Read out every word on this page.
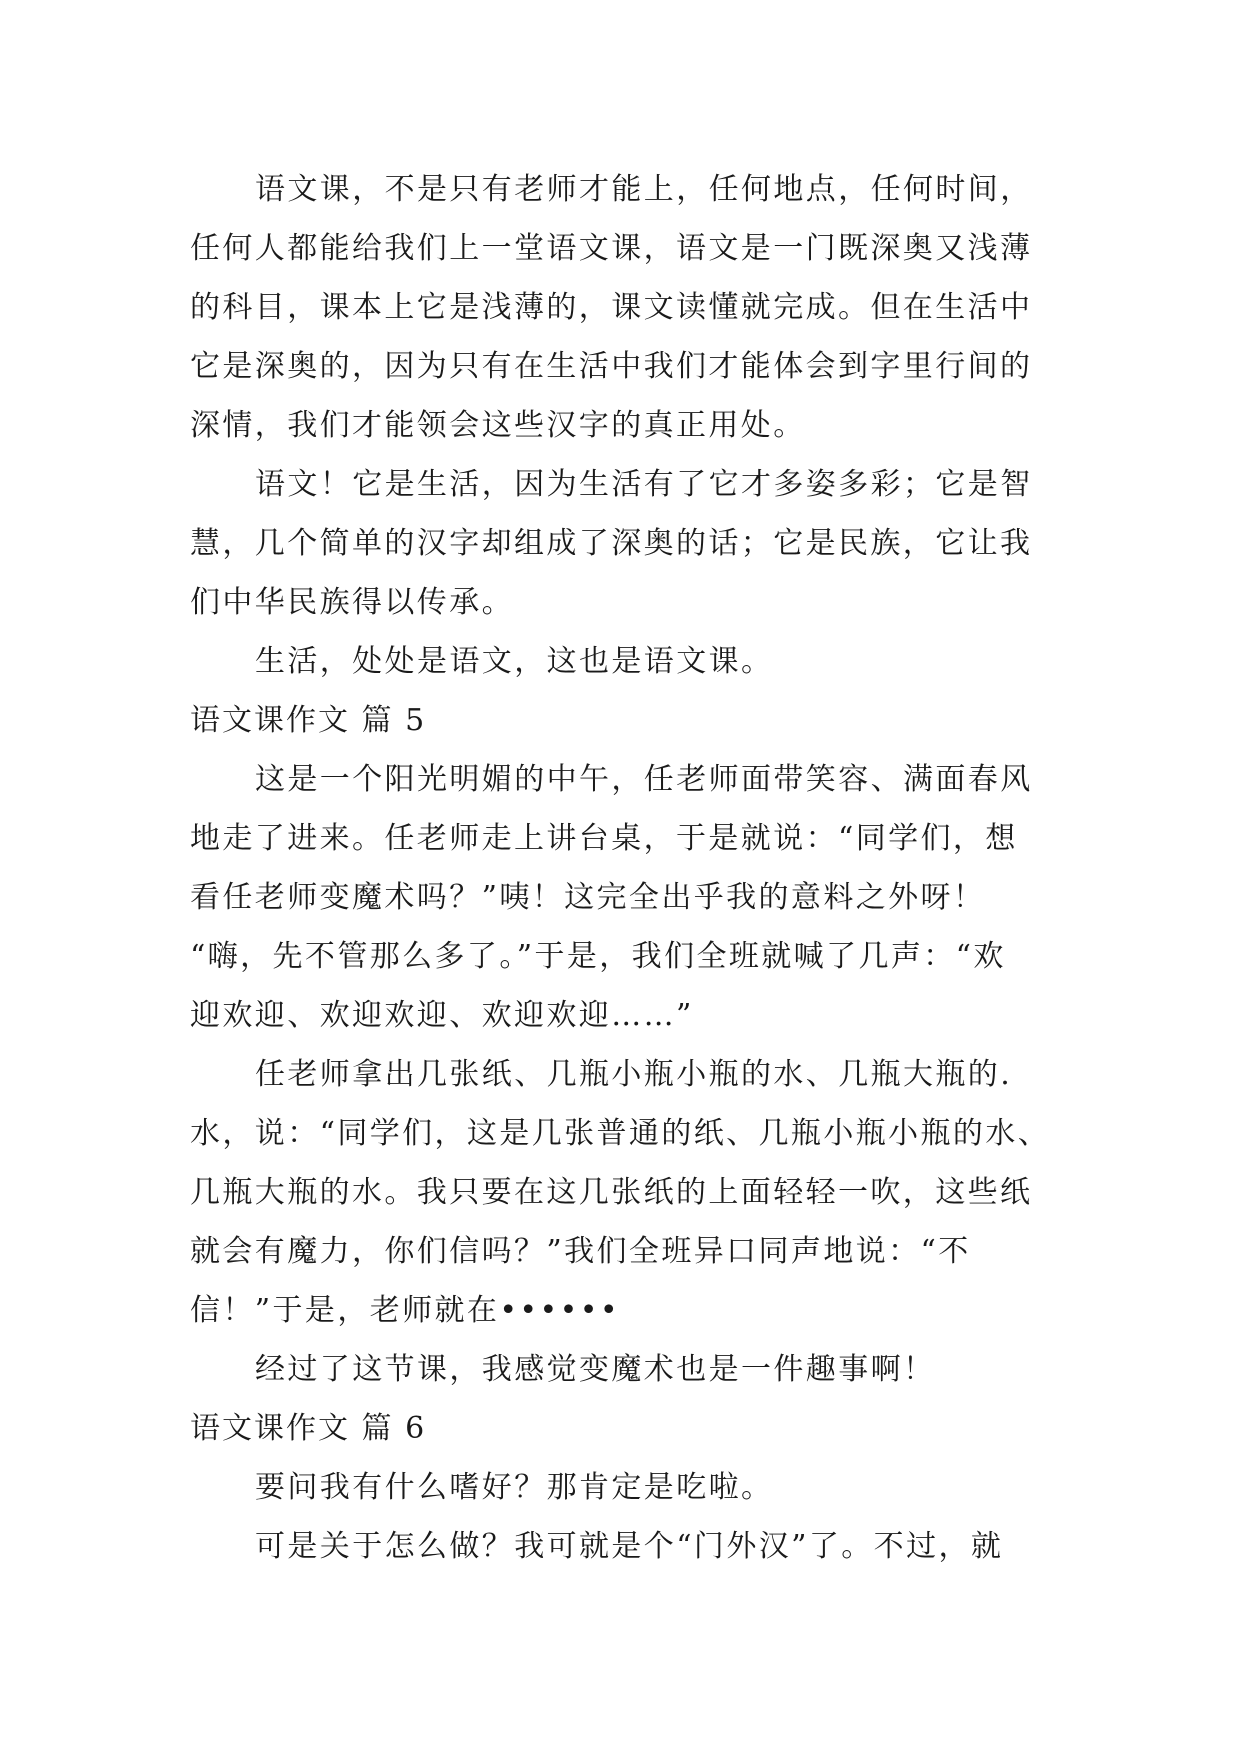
语文课，不是只有老师才能上，任何地点，任何时间，
任何人都能给我们上一堂语文课，语文是一门既深奥又浅薄
的科目，课本上它是浅薄的，课文读懂就完成。但在生活中
它是深奥的，因为只有在生活中我们才能体会到字里行间的
深情，我们才能领会这些汉字的真正用处。
语文！它是生活，因为生活有了它才多姿多彩；它是智
慧，几个简单的汉字却组成了深奥的话；它是民族，它让我
们中华民族得以传承。
生活，处处是语文，这也是语文课。
语文课作文 篇 5
这是一个阳光明媚的中午，任老师面带笑容、满面春风
地走了进来。任老师走上讲台桌，于是就说：“同学们，想
看任老师变魔术吗？”咦！这完全出乎我的意料之外呀！
“嗨，先不管那么多了。”于是，我们全班就喊了几声：“欢
迎欢迎、欢迎欢迎、欢迎欢迎……”
任老师拿出几张纸、几瓶小瓶小瓶的水、几瓶大瓶的.
水，说：“同学们，这是几张普通的纸、几瓶小瓶小瓶的水、
几瓶大瓶的水。我只要在这几张纸的上面轻轻一吹，这些纸
就会有魔力，你们信吗？”我们全班异口同声地说：“不
信！”于是，老师就在••••••
经过了这节课，我感觉变魔术也是一件趣事啊！
语文课作文 篇 6
要问我有什么嗜好？那肯定是吃啦。
可是关于怎么做？我可就是个“门外汉”了。不过，就
